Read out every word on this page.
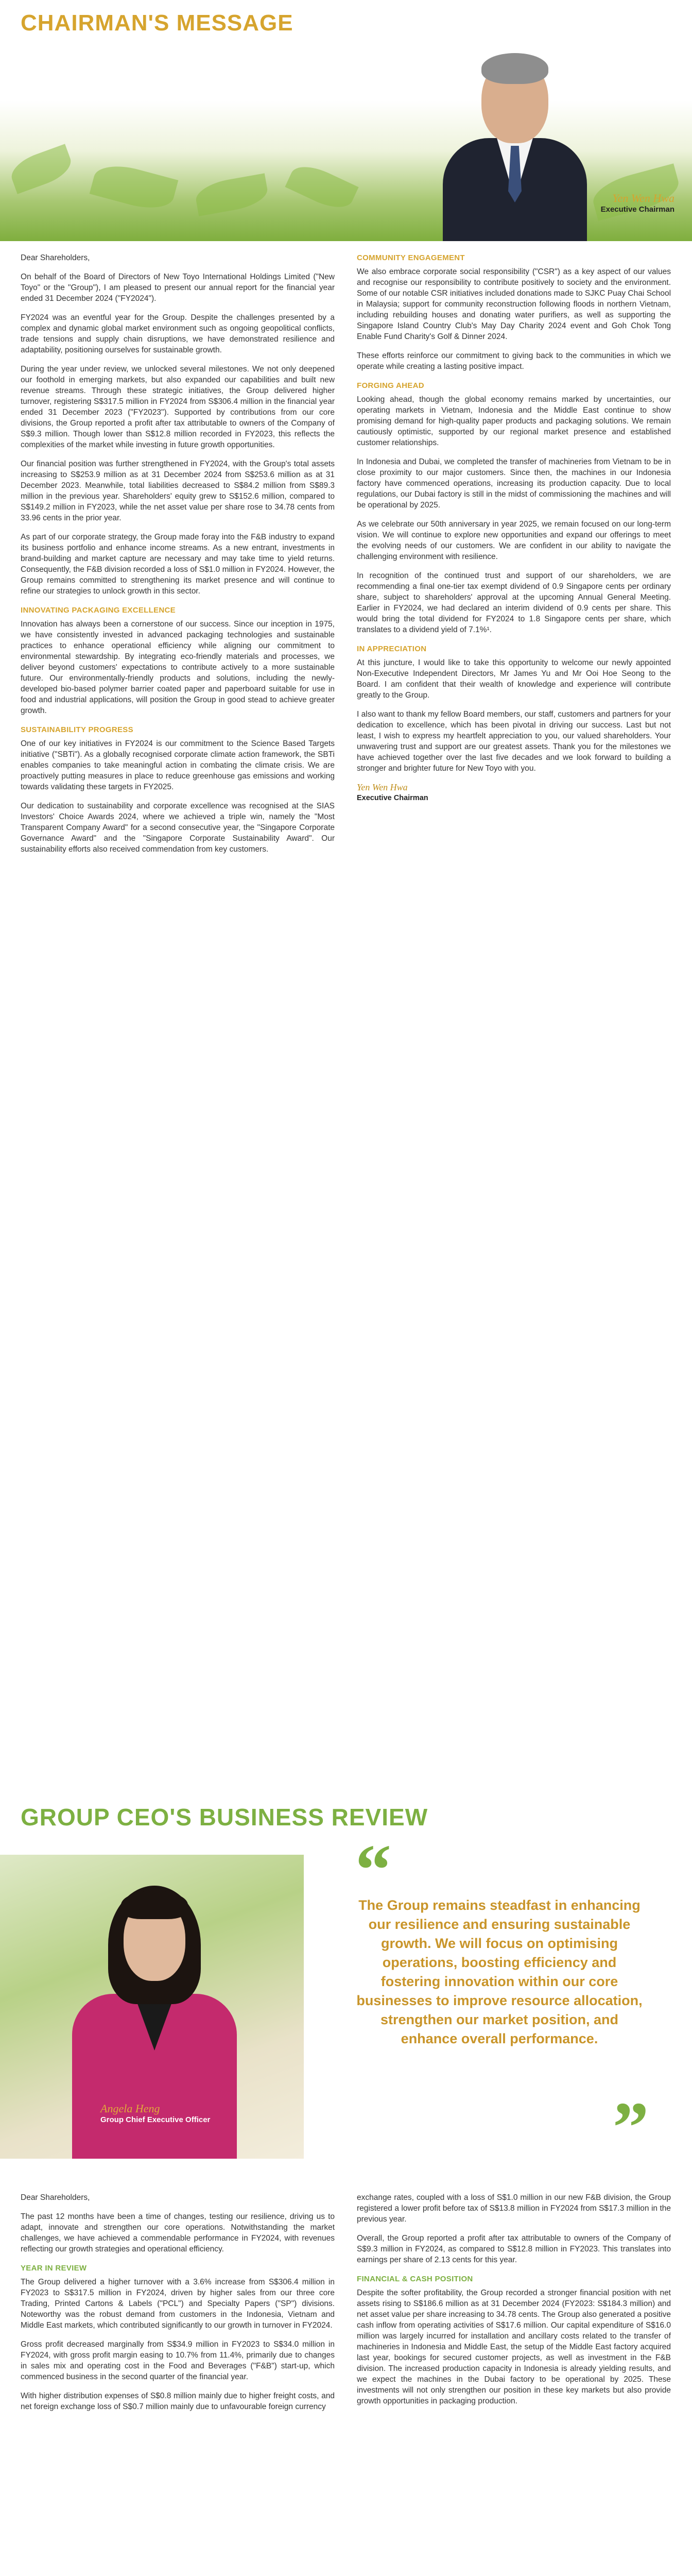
CHAIRMAN'S MESSAGE
Yen Wen Hwa
Executive Chairman

Dear Shareholders,

On behalf of the Board of Directors of New Toyo International Holdings Limited ("New Toyo" or the "Group"), I am pleased to present our annual report for the financial year ended 31 December 2024 ("FY2024").

FY2024 was an eventful year for the Group. Despite the challenges presented by a complex and dynamic global market environment such as ongoing geopolitical conflicts, trade tensions and supply chain disruptions, we have demonstrated resilience and adaptability, positioning ourselves for sustainable growth.

During the year under review, we unlocked several milestones. We not only deepened our foothold in emerging markets, but also expanded our capabilities and built new revenue streams. Through these strategic initiatives, the Group delivered higher turnover, registering S$317.5 million in FY2024 from S$306.4 million in the financial year ended 31 December 2023 ("FY2023"). Supported by contributions from our core divisions, the Group reported a profit after tax attributable to owners of the Company of S$9.3 million. Though lower than S$12.8 million recorded in FY2023, this reflects the complexities of the market while investing in future growth opportunities.

Our financial position was further strengthened in FY2024, with the Group's total assets increasing to S$253.9 million as at 31 December 2024 from S$253.6 million as at 31 December 2023. Meanwhile, total liabilities decreased to S$84.2 million from S$89.3 million in the previous year. Shareholders' equity grew to S$152.6 million, compared to S$149.2 million in FY2023, while the net asset value per share rose to 34.78 cents from 33.96 cents in the prior year.

As part of our corporate strategy, the Group made foray into the F&B industry to expand its business portfolio and enhance income streams. As a new entrant, investments in brand-building and market capture are necessary and may take time to yield returns. Consequently, the F&B division recorded a loss of S$1.0 million in FY2024. However, the Group remains committed to strengthening its market presence and will continue to refine our strategies to unlock growth in this sector.

INNOVATING PACKAGING EXCELLENCE

Innovation has always been a cornerstone of our success. Since our inception in 1975, we have consistently invested in advanced packaging technologies and sustainable practices to enhance operational efficiency while aligning our commitment to environmental stewardship. By integrating eco-friendly materials and processes, we deliver beyond customers' expectations to contribute actively to a more sustainable future. Our environmentally-friendly products and solutions, including the newly-developed bio-based polymer barrier coated paper and paperboard suitable for use in food and industrial applications, will position the Group in good stead to achieve greater growth.

SUSTAINABILITY PROGRESS

One of our key initiatives in FY2024 is our commitment to the Science Based Targets initiative ("SBTi"). As a globally recognised corporate climate action framework, the SBTi enables companies to take meaningful action in combating the climate crisis. We are proactively putting measures in place to reduce greenhouse gas emissions and working towards validating these targets in FY2025.

Our dedication to sustainability and corporate excellence was recognised at the SIAS Investors' Choice Awards 2024, where we achieved a triple win, namely the "Most Transparent Company Award" for a second consecutive year, the "Singapore Corporate Governance Award" and the "Singapore Corporate Sustainability Award". Our sustainability efforts also received commendation from key customers.

COMMUNITY ENGAGEMENT

We also embrace corporate social responsibility ("CSR") as a key aspect of our values and recognise our responsibility to contribute positively to society and the environment. Some of our notable CSR initiatives included donations made to SJKC Puay Chai School in Malaysia; support for community reconstruction following floods in northern Vietnam, including rebuilding houses and donating water purifiers, as well as supporting the Singapore Island Country Club's May Day Charity 2024 event and Goh Chok Tong Enable Fund Charity's Golf & Dinner 2024.

These efforts reinforce our commitment to giving back to the communities in which we operate while creating a lasting positive impact.

FORGING AHEAD

Looking ahead, though the global economy remains marked by uncertainties, our operating markets in Vietnam, Indonesia and the Middle East continue to show promising demand for high-quality paper products and packaging solutions. We remain cautiously optimistic, supported by our regional market presence and established customer relationships.

In Indonesia and Dubai, we completed the transfer of machineries from Vietnam to be in close proximity to our major customers. Since then, the machines in our Indonesia factory have commenced operations, increasing its production capacity. Due to local regulations, our Dubai factory is still in the midst of commissioning the machines and will be operational by 2025.

As we celebrate our 50th anniversary in year 2025, we remain focused on our long-term vision. We will continue to explore new opportunities and expand our offerings to meet the evolving needs of our customers. We are confident in our ability to navigate the challenging environment with resilience.

In recognition of the continued trust and support of our shareholders, we are recommending a final one-tier tax exempt dividend of 0.9 Singapore cents per ordinary share, subject to shareholders' approval at the upcoming Annual General Meeting. Earlier in FY2024, we had declared an interim dividend of 0.9 cents per share. This would bring the total dividend for FY2024 to 1.8 Singapore cents per share, which translates to a dividend yield of 7.1%¹.

IN APPRECIATION

At this juncture, I would like to take this opportunity to welcome our newly appointed Non-Executive Independent Directors, Mr James Yu and Mr Ooi Hoe Seong to the Board. I am confident that their wealth of knowledge and experience will contribute greatly to the Group.

I also want to thank my fellow Board members, our staff, customers and partners for your dedication to excellence, which has been pivotal in driving our success. Last but not least, I wish to express my heartfelt appreciation to you, our valued shareholders. Your unwavering trust and support are our greatest assets. Thank you for the milestones we have achieved together over the last five decades and we look forward to building a stronger and brighter future for New Toyo with you.

Yen Wen Hwa
Executive Chairman
GROUP CEO'S BUSINESS REVIEW
Angela Heng
Group Chief Executive Officer
“
The Group remains steadfast in enhancing our resilience and ensuring sustainable growth. We will focus on optimising operations, boosting efficiency and fostering innovation within our core businesses to improve resource allocation, strengthen our market position, and enhance overall performance.
”

Dear Shareholders,

The past 12 months have been a time of changes, testing our resilience, driving us to adapt, innovate and strengthen our core operations. Notwithstanding the market challenges, we have achieved a commendable performance in FY2024, with revenues reflecting our growth strategies and operational efficiency.

YEAR IN REVIEW

The Group delivered a higher turnover with a 3.6% increase from S$306.4 million in FY2023 to S$317.5 million in FY2024, driven by higher sales from our three core Trading, Printed Cartons & Labels ("PCL") and Specialty Papers ("SP") divisions. Noteworthy was the robust demand from customers in the Indonesia, Vietnam and Middle East markets, which contributed significantly to our growth in turnover in FY2024.

Gross profit decreased marginally from S$34.9 million in FY2023 to S$34.0 million in FY2024, with gross profit margin easing to 10.7% from 11.4%, primarily due to changes in sales mix and operating cost in the Food and Beverages ("F&B") start-up, which commenced business in the second quarter of the financial year.

With higher distribution expenses of S$0.8 million mainly due to higher freight costs, and net foreign exchange loss of S$0.7 million mainly due to unfavourable foreign currency

exchange rates, coupled with a loss of S$1.0 million in our new F&B division, the Group registered a lower profit before tax of S$13.8 million in FY2024 from S$17.3 million in the previous year.

Overall, the Group reported a profit after tax attributable to owners of the Company of S$9.3 million in FY2024, as compared to S$12.8 million in FY2023. This translates into earnings per share of 2.13 cents for this year.

FINANCIAL & CASH POSITION

Despite the softer profitability, the Group recorded a stronger financial position with net assets rising to S$186.6 million as at 31 December 2024 (FY2023: S$184.3 million) and net asset value per share increasing to 34.78 cents. The Group also generated a positive cash inflow from operating activities of S$17.6 million. Our capital expenditure of S$16.0 million was largely incurred for installation and ancillary costs related to the transfer of machineries in Indonesia and Middle East, the setup of the Middle East factory acquired last year, bookings for secured customer projects, as well as investment in the F&B division. The increased production capacity in Indonesia is already yielding results, and we expect the machines in the Dubai factory to be operational by 2025. These investments will not only strengthen our position in these key markets but also provide growth opportunities in packaging production.
